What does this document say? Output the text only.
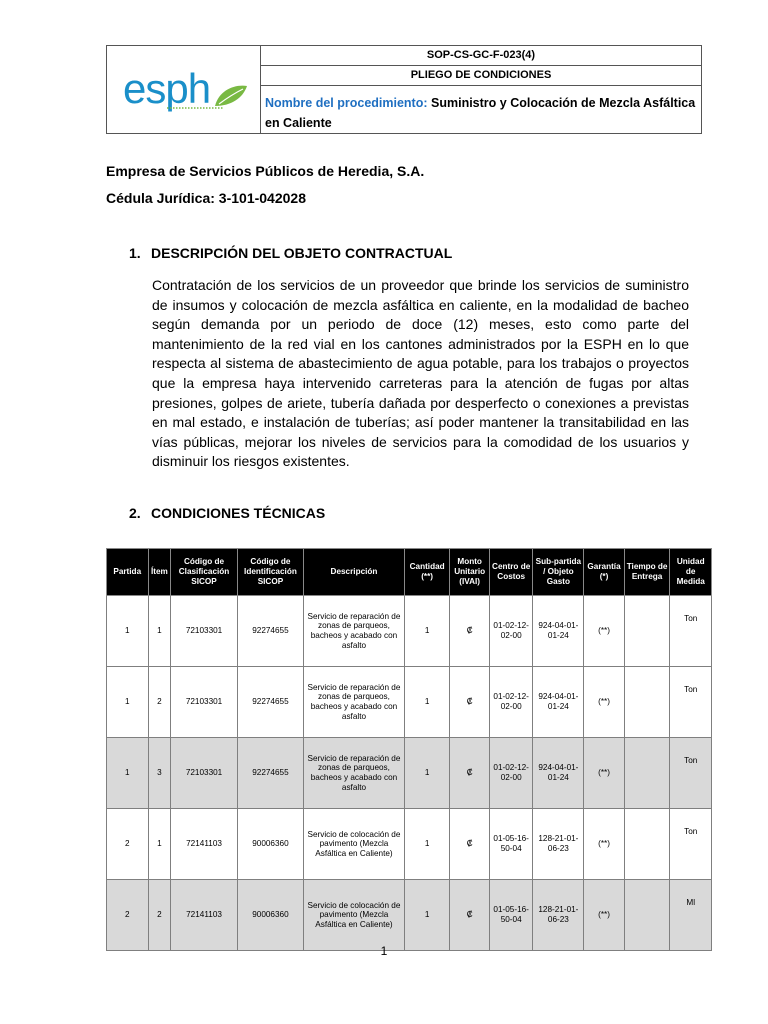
esph
SOP-CS-GC-F-023(4)
PLIEGO DE CONDICIONES
Nombre del procedimiento: Suministro y Colocación de Mezcla Asfáltica en Caliente
Empresa de Servicios Públicos de Heredia, S.A.
Cédula Jurídica: 3-101-042028
1. DESCRIPCIÓN DEL OBJETO CONTRACTUAL
Contratación de los servicios de un proveedor que brinde los servicios de suministro de insumos y colocación de mezcla asfáltica en caliente, en la modalidad de bacheo según demanda por un periodo de doce (12) meses, esto como parte del mantenimiento de la red vial en los cantones administrados por la ESPH en lo que respecta al sistema de abastecimiento de agua potable, para los trabajos o proyectos que la empresa haya intervenido carreteras para la atención de fugas por altas presiones, golpes de ariete, tubería dañada por desperfecto o conexiones a previstas en mal estado, e instalación de tuberías; así poder mantener la transitabilidad en las vías públicas, mejorar los niveles de servicios para la comodidad de los usuarios y disminuir los riesgos existentes.
2. CONDICIONES TÉCNICAS
Partida	Ítem	Código de Clasificación SICOP	Código de Identificación SICOP	Descripción	Cantidad (**)	Monto Unitario (IVAI)	Centro de Costos	Sub-partida / Objeto Gasto	Garantía (*)	Tiempo de Entrega	Unidad de Medida
1	1	72103301	92274655	Servicio de reparación de zonas de parqueos, bacheos y acabado con asfalto	1	₡	01-02-12-02-00	924-04-01-01-24	(**)		Ton
1	2	72103301	92274655	Servicio de reparación de zonas de parqueos, bacheos y acabado con asfalto	1	₡	01-02-12-02-00	924-04-01-01-24	(**)		Ton
1	3	72103301	92274655	Servicio de reparación de zonas de parqueos, bacheos y acabado con asfalto	1	₡	01-02-12-02-00	924-04-01-01-24	(**)		Ton
2	1	72141103	90006360	Servicio de colocación de pavimento (Mezcla Asfáltica en Caliente)	1	₡	01-05-16-50-04	128-21-01-06-23	(**)		Ton
2	2	72141103	90006360	Servicio de colocación de pavimento (Mezcla Asfáltica en Caliente)	1	₡	01-05-16-50-04	128-21-01-06-23	(**)		Ml
1
